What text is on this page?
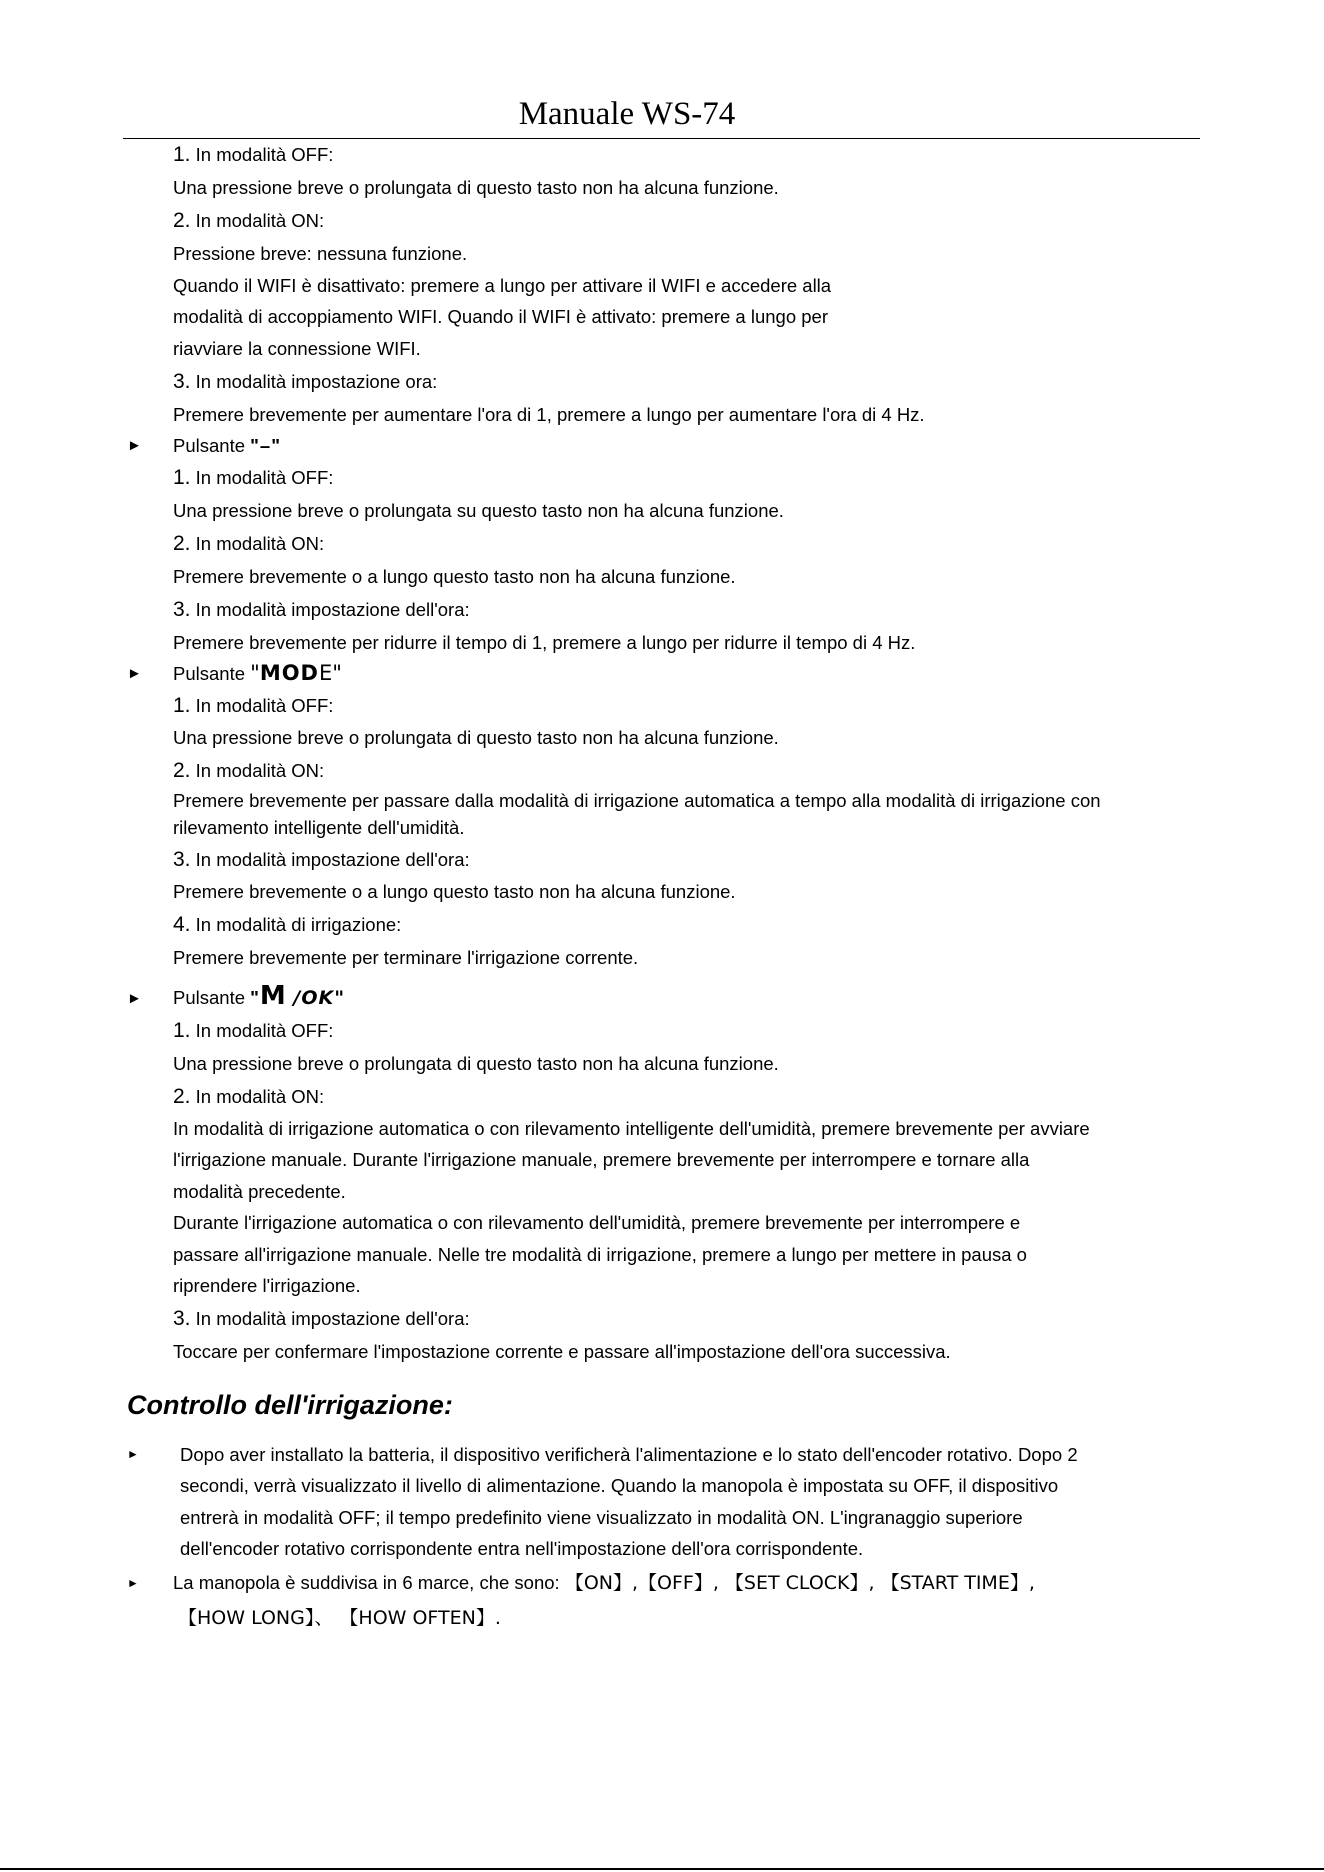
Manuale WS-74
1. In modalità OFF:
Una pressione breve o prolungata di questo tasto non ha alcuna funzione.
2. In modalità ON:
Pressione breve: nessuna funzione.
Quando il WIFI è disattivato: premere a lungo per attivare il WIFI e accedere alla
modalità di accoppiamento WIFI. Quando il WIFI è attivato: premere a lungo per
riavviare la connessione WIFI.
3. In modalità impostazione ora:
Premere brevemente per aumentare l'ora di 1, premere a lungo per aumentare l'ora di 4 Hz.
► Pulsante "–"
1. In modalità OFF:
Una pressione breve o prolungata su questo tasto non ha alcuna funzione.
2. In modalità ON:
Premere brevemente o a lungo questo tasto non ha alcuna funzione.
3. In modalità impostazione dell'ora:
Premere brevemente per ridurre il tempo di 1, premere a lungo per ridurre il tempo di 4 Hz.
► Pulsante "MODE"
1. In modalità OFF:
Una pressione breve o prolungata di questo tasto non ha alcuna funzione.
2. In modalità ON:
Premere brevemente per passare dalla modalità di irrigazione automatica a tempo alla modalità di irrigazione con
rilevamento intelligente dell'umidità.
3. In modalità impostazione dell'ora:
Premere brevemente o a lungo questo tasto non ha alcuna funzione.
4. In modalità di irrigazione:
Premere brevemente per terminare l'irrigazione corrente.
► Pulsante "M /OK"
1. In modalità OFF:
Una pressione breve o prolungata di questo tasto non ha alcuna funzione.
2. In modalità ON:
In modalità di irrigazione automatica o con rilevamento intelligente dell'umidità, premere brevemente per avviare
l'irrigazione manuale. Durante l'irrigazione manuale, premere brevemente per interrompere e tornare alla
modalità precedente.
Durante l'irrigazione automatica o con rilevamento dell'umidità, premere brevemente per interrompere e
passare all'irrigazione manuale. Nelle tre modalità di irrigazione, premere a lungo per mettere in pausa o
riprendere l'irrigazione.
3. In modalità impostazione dell'ora:
Toccare per confermare l'impostazione corrente e passare all'impostazione dell'ora successiva.
Controllo dell'irrigazione:
► Dopo aver installato la batteria, il dispositivo verificherà l'alimentazione e lo stato dell'encoder rotativo. Dopo 2
secondi, verrà visualizzato il livello di alimentazione. Quando la manopola è impostata su OFF, il dispositivo
entrerà in modalità OFF; il tempo predefinito viene visualizzato in modalità ON. L'ingranaggio superiore
dell'encoder rotativo corrispondente entra nell'impostazione dell'ora corrispondente.
► La manopola è suddivisa in 6 marce, che sono: 【ON】,【OFF】, 【SET CLOCK】, 【START TIME】,
【HOW LONG】、 【HOW OFTEN】.
